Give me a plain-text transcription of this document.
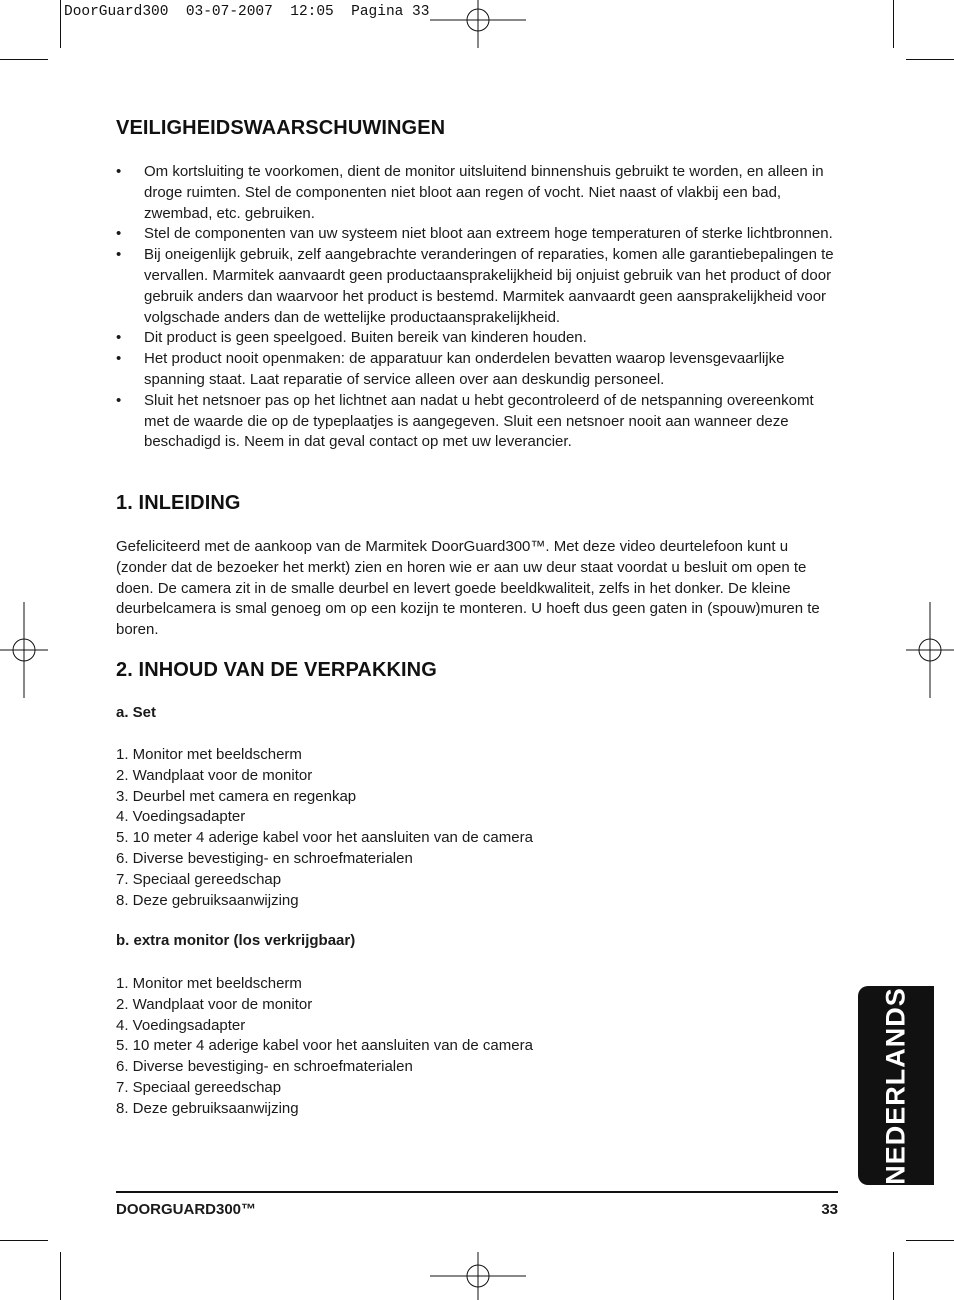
DoorGuard300  03-07-2007  12:05  Pagina 33
VEILIGHEIDSWAARSCHUWINGEN
• Om kortsluiting te voorkomen, dient de monitor uitsluitend binnenshuis gebruikt te worden, en alleen in droge ruimten. Stel de componenten niet bloot aan regen of vocht. Niet naast of vlakbij een bad, zwembad, etc. gebruiken.
• Stel de componenten van uw systeem niet bloot aan extreem hoge temperaturen of sterke lichtbronnen.
• Bij oneigenlijk gebruik, zelf aangebrachte veranderingen of reparaties, komen alle garantiebepalingen te vervallen. Marmitek aanvaardt geen productaansprakelijkheid bij onjuist gebruik van het product of door gebruik anders dan waarvoor het product is bestemd. Marmitek aanvaardt geen aansprakelijkheid voor volgschade anders dan de wettelijke productaansprakelijkheid.
• Dit product is geen speelgoed. Buiten bereik van kinderen houden.
• Het product nooit openmaken: de apparatuur kan onderdelen bevatten waarop levensgevaarlijke spanning staat. Laat reparatie of service alleen over aan deskundig personeel.
• Sluit het netsnoer pas op het lichtnet aan nadat u hebt gecontroleerd of de netspanning overeenkomt met de waarde die op de typeplaatjes is aangegeven. Sluit een netsnoer nooit aan wanneer deze beschadigd is. Neem in dat geval contact op met uw leverancier.
1. INLEIDING
Gefeliciteerd met de aankoop van de Marmitek DoorGuard300™. Met deze video deurtelefoon kunt u (zonder dat de bezoeker het merkt) zien en horen wie er aan uw deur staat voordat u besluit om open te doen. De camera zit in de smalle deurbel en levert goede beeldkwaliteit, zelfs in het donker. De kleine deurbelcamera is smal genoeg om op een kozijn te monteren. U hoeft dus geen gaten in (spouw)muren te boren.
2. INHOUD VAN DE VERPAKKING
a. Set
1. Monitor met beeldscherm
2. Wandplaat voor de monitor
3. Deurbel met camera en regenkap
4. Voedingsadapter
5. 10 meter 4 aderige kabel voor het aansluiten van de camera
6. Diverse bevestiging- en schroefmaterialen
7. Speciaal gereedschap
8. Deze gebruiksaanwijzing
b. extra monitor (los verkrijgbaar)
1. Monitor met beeldscherm
2. Wandplaat voor de monitor
4. Voedingsadapter
5. 10 meter 4 aderige kabel voor het aansluiten van de camera
6. Diverse bevestiging- en schroefmaterialen
7. Speciaal gereedschap
8. Deze gebruiksaanwijzing	NEDERLANDS
DOORGUARD300™	33
